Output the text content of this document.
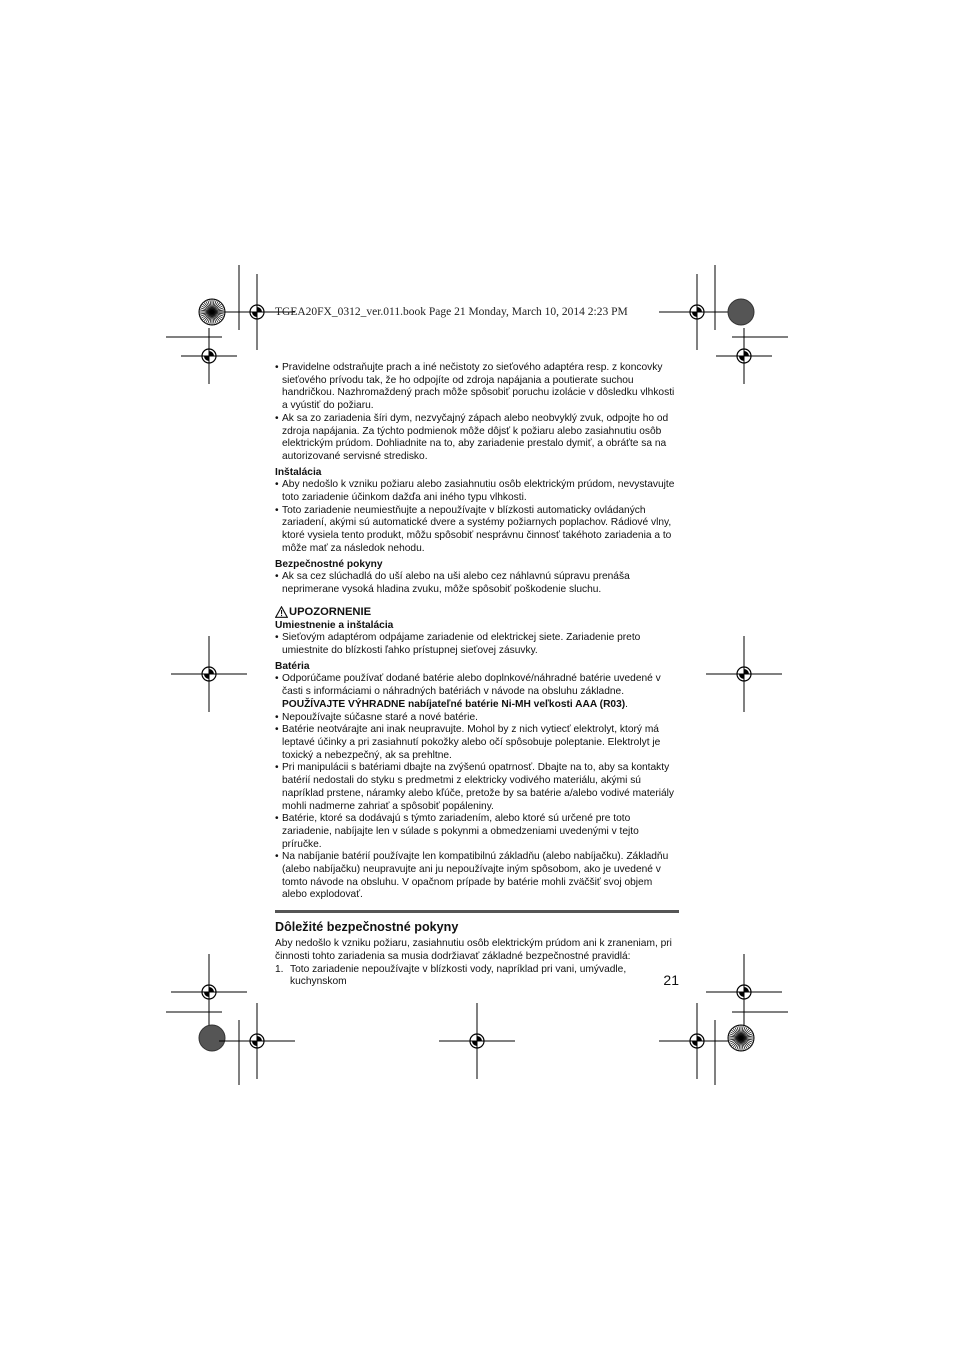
TGEA20FX_0312_ver.011.book Page 21 Monday, March 10, 2014 2:23 PM

• Pravidelne odstraňujte prach a iné nečistoty zo sieťového adaptéra resp. z koncovky sieťového prívodu tak, že ho odpojíte od zdroja napájania a poutierate suchou handričkou. Nazhromaždený prach môže spôsobiť poruchu izolácie v dôsledku vlhkosti a vyústiť do požiaru.

• Ak sa zo zariadenia šíri dym, nezvyčajný zápach alebo neobvyklý zvuk, odpojte ho od zdroja napájania. Za týchto podmienok môže dôjsť k požiaru alebo zasiahnutiu osôb elektrickým prúdom. Dohliadnite na to, aby zariadenie prestalo dymiť, a obráťte sa na autorizované servisné stredisko.

Inštalácia

• Aby nedošlo k vzniku požiaru alebo zasiahnutiu osôb elektrickým prúdom, nevystavujte toto zariadenie účinkom dažďa ani iného typu vlhkosti.

• Toto zariadenie neumiestňujte a nepoužívajte v blízkosti automaticky ovládaných zariadení, akými sú automatické dvere a systémy požiarnych poplachov. Rádiové vlny, ktoré vysiela tento produkt, môžu spôsobiť nesprávnu činnosť takéhoto zariadenia a to môže mať za následok nehodu.

Bezpečnostné pokyny

• Ak sa cez slúchadlá do uší alebo na uši alebo cez náhlavnú súpravu prenáša neprimerane vysoká hladina zvuku, môže spôsobiť poškodenie sluchu.

UPOZORNENIE
Umiestnenie a inštalácia

• Sieťovým adaptérom odpájame zariadenie od elektrickej siete. Zariadenie preto umiestnite do blízkosti ľahko prístupnej sieťovej zásuvky.

Batéria

• Odporúčame používať dodané batérie alebo doplnkové/náhradné batérie uvedené v časti s informáciami o náhradných batériách v návode na obsluhu základne. POUŽÍVAJTE VÝHRADNE nabíjateľné batérie Ni-MH veľkosti AAA (R03).

• Nepoužívajte súčasne staré a nové batérie.

• Batérie neotvárajte ani inak neupravujte. Mohol by z nich vytiecť elektrolyt, ktorý má leptavé účinky a pri zasiahnutí pokožky alebo očí spôsobuje poleptanie. Elektrolyt je toxický a nebezpečný, ak sa prehltne.

• Pri manipulácii s batériami dbajte na zvýšenú opatrnosť. Dbajte na to, aby sa kontakty batérií nedostali do styku s predmetmi z elektricky vodivého materiálu, akými sú napríklad prstene, náramky alebo kľúče, pretože by sa batérie a/alebo vodivé materiály mohli nadmerne zahriať a spôsobiť popáleniny.

• Batérie, ktoré sa dodávajú s týmto zariadením, alebo ktoré sú určené pre toto zariadenie, nabíjajte len v súlade s pokynmi a obmedzeniami uvedenými v tejto príručke.

• Na nabíjanie batérií používajte len kompatibilnú základňu (alebo nabíjačku). Základňu (alebo nabíjačku) neupravujte ani ju nepoužívajte iným spôsobom, ako je uvedené v tomto návode na obsluhu. V opačnom prípade by batérie mohli zväčšiť svoj objem alebo explodovať.

Dôležité bezpečnostné pokyny
Aby nedošlo k vzniku požiaru, zasiahnutiu osôb elektrickým prúdom ani k zraneniam, pri činnosti tohto zariadenia sa musia dodržiavať základné bezpečnostné pravidlá:
1. Toto zariadenie nepoužívajte v blízkosti vody, napríklad pri vani, umývadle, kuchynskom	21
